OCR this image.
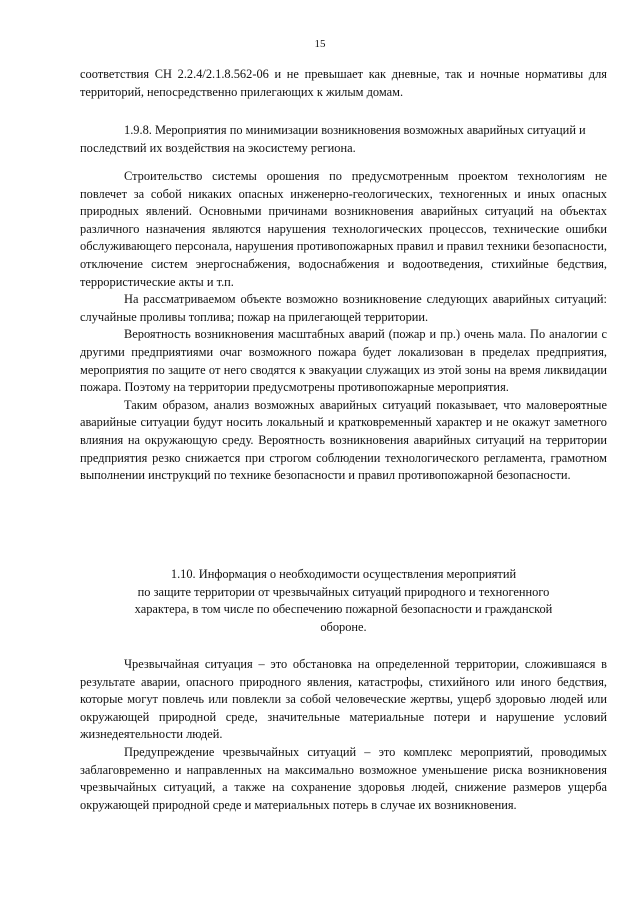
15

соответствия СН 2.2.4/2.1.8.562-06 и не превышает как дневные, так и ночные нормативы для территорий, непосредственно прилегающих к жилым домам.

1.9.8. Мероприятия по минимизации возникновения возможных аварийных ситуаций и последствий их воздействия на экосистему региона.

Строительство системы орошения по предусмотренным проектом технологиям не повлечет за собой никаких опасных инженерно-геологических, техногенных и иных опасных природных явлений. Основными причинами возникновения аварийных ситуаций на объектах различного назначения являются нарушения технологических процессов, технические ошибки обслуживающего персонала, нарушения противопожарных правил и правил техники безопасности, отключение систем энергоснабжения, водоснабжения и водоотведения, стихийные бедствия, террористические акты и т.п.

На рассматриваемом объекте возможно возникновение следующих аварийных ситуаций: случайные проливы топлива; пожар на прилегающей территории.

Вероятность возникновения масштабных аварий (пожар и пр.) очень мала. По аналогии с другими предприятиями очаг возможного пожара будет локализован в пределах предприятия, мероприятия по защите от него сводятся к эвакуации служащих из этой зоны на время ликвидации пожара. Поэтому на территории предусмотрены противопожарные мероприятия.

Таким образом, анализ возможных аварийных ситуаций показывает, что маловероятные аварийные ситуации будут носить локальный и кратковременный характер и не окажут заметного влияния на окружающую среду. Вероятность возникновения аварийных ситуаций на территории предприятия резко снижается при строгом соблюдении технологического регламента, грамотном выполнении инструкций по технике безопасности и правил противопожарной безопасности.

1.10. Информация о необходимости осуществления мероприятий
по защите территории от чрезвычайных ситуаций природного и техногенного
характера, в том числе по обеспечению пожарной безопасности и гражданской
обороне.

Чрезвычайная ситуация – это обстановка на определенной территории, сложившаяся в результате аварии, опасного природного явления, катастрофы, стихийного или иного бедствия, которые могут повлечь или повлекли за собой человеческие жертвы, ущерб здоровью людей или окружающей природной среде, значительные материальные потери и нарушение условий жизнедеятельности людей.

Предупреждение чрезвычайных ситуаций – это комплекс мероприятий, проводимых заблаговременно и направленных на максимально возможное уменьшение риска возникновения чрезвычайных ситуаций, а также на сохранение здоровья людей, снижение размеров ущерба окружающей природной среде и материальных потерь в случае их возникновения.
